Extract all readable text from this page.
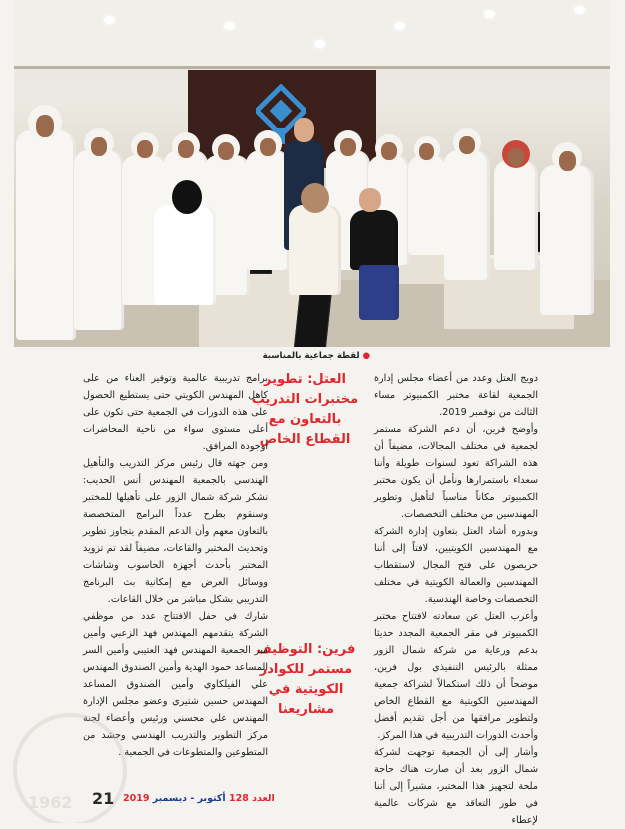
● لقطة جماعية بالمناسبة

دويج العتل وعدد من أعضاء مجلس إدارة الجمعية لقاعة مختبر الكمبيوتر مساء الثالث من نوفمبر 2019.

وأوضح فرين، أن دعم الشركة مستمر لجمعية في مختلف المجالات، مضيفاً أن هذه الشراكة تعود لسنوات طويلة وأننا سعداء باستمرارها ونأمل أن يكون مختبر الكمبيوتر مكاناً مناسباً لتأهيل وتطوير المهندسين من مختلف التخصصات.

وبدوره أشاد العتل بتعاون إدارة الشركة مع المهندسين الكويتيين، لافتاً إلى أننا حريصون على فتح المجال لاستقطاب المهندسين والعمالة الكويتية في مختلف التخصصات وخاصة الهندسية.

وأعرب العتل عن سعادته لافتتاح مختبر الكمبيوتر في مقر الجمعية المجدد حديثا بدعم ورعاية من شركة شمال الزور ممثلة بالرئيس التنفيذي بول فرين، موضحاً أن ذلك استكمالاً لشراكة جمعية المهندسين الكويتية مع القطاع الخاص ولتطوير مرافقها من أجل تقديم أفضل وأحدث الدورات التدريبية في هذا المركز.

وأشار إلى أن الجمعية توجهت لشركة شمال الزور بعد أن صارت هناك حاجة ملحة لتجهيز هذا المختبر، مشيراً إلى أننا في طور التعاقد مع شركات عالمية لإعطاء

العتل: تطوير مختبرات التدريب بالتعاون مع القطاع الخاص
فرين: التوظيف مستمر للكوادر الكويتية في مشاريعنا

برامج تدريبية عالمية وتوفير العناء من على كاهل المهندس الكويتي حتى يستطيع الحصول على هذه الدورات في الجمعية حتى تكون على أعلى مستوى سواء من ناحية المحاضرات أوجودة المرافق.

ومن جهته قال رئيس مركز التدريب والتأهيل الهندسي بالجمعية المهندس أنس الحديب: نشكر شركة شمال الزور على تأهيلها للمختبر وسنقوم بطرح عدداً البرامج المتخصصة بالتعاون معهم وأن الدعم المقدم يتجاوز تطوير وتحديث المختبر والقاعات، مضيفاً لقد تم تزويد المختبر بأحدث أجهزة الحاسوب وشاشات ووسائل العرض مع إمكانية بث البرنامج التدريبي بشكل مباشر من خلال القاعات.

شارك في حفل الافتتاح عدد من موظفي الشركة يتقدمهم المهندس فهد الزعبي وأمين سر الجمعية المهندس فهد العتيبي وأمين السر المساعد حمود الهدية وأمين الصندوق المهندس علي الفيلكاوي وأمين الصندوق المساعد المهندس حسين شتيري وعضو مجلس الإدارة المهندس علي محسني ورئيس وأعضاء لجنة مركز التطوير والتدريب الهندسي وحشد من المتطوعين والمتطوعات في الجمعية .

1962 21	العدد 128 أكتوبر - ديسمبر 2019
